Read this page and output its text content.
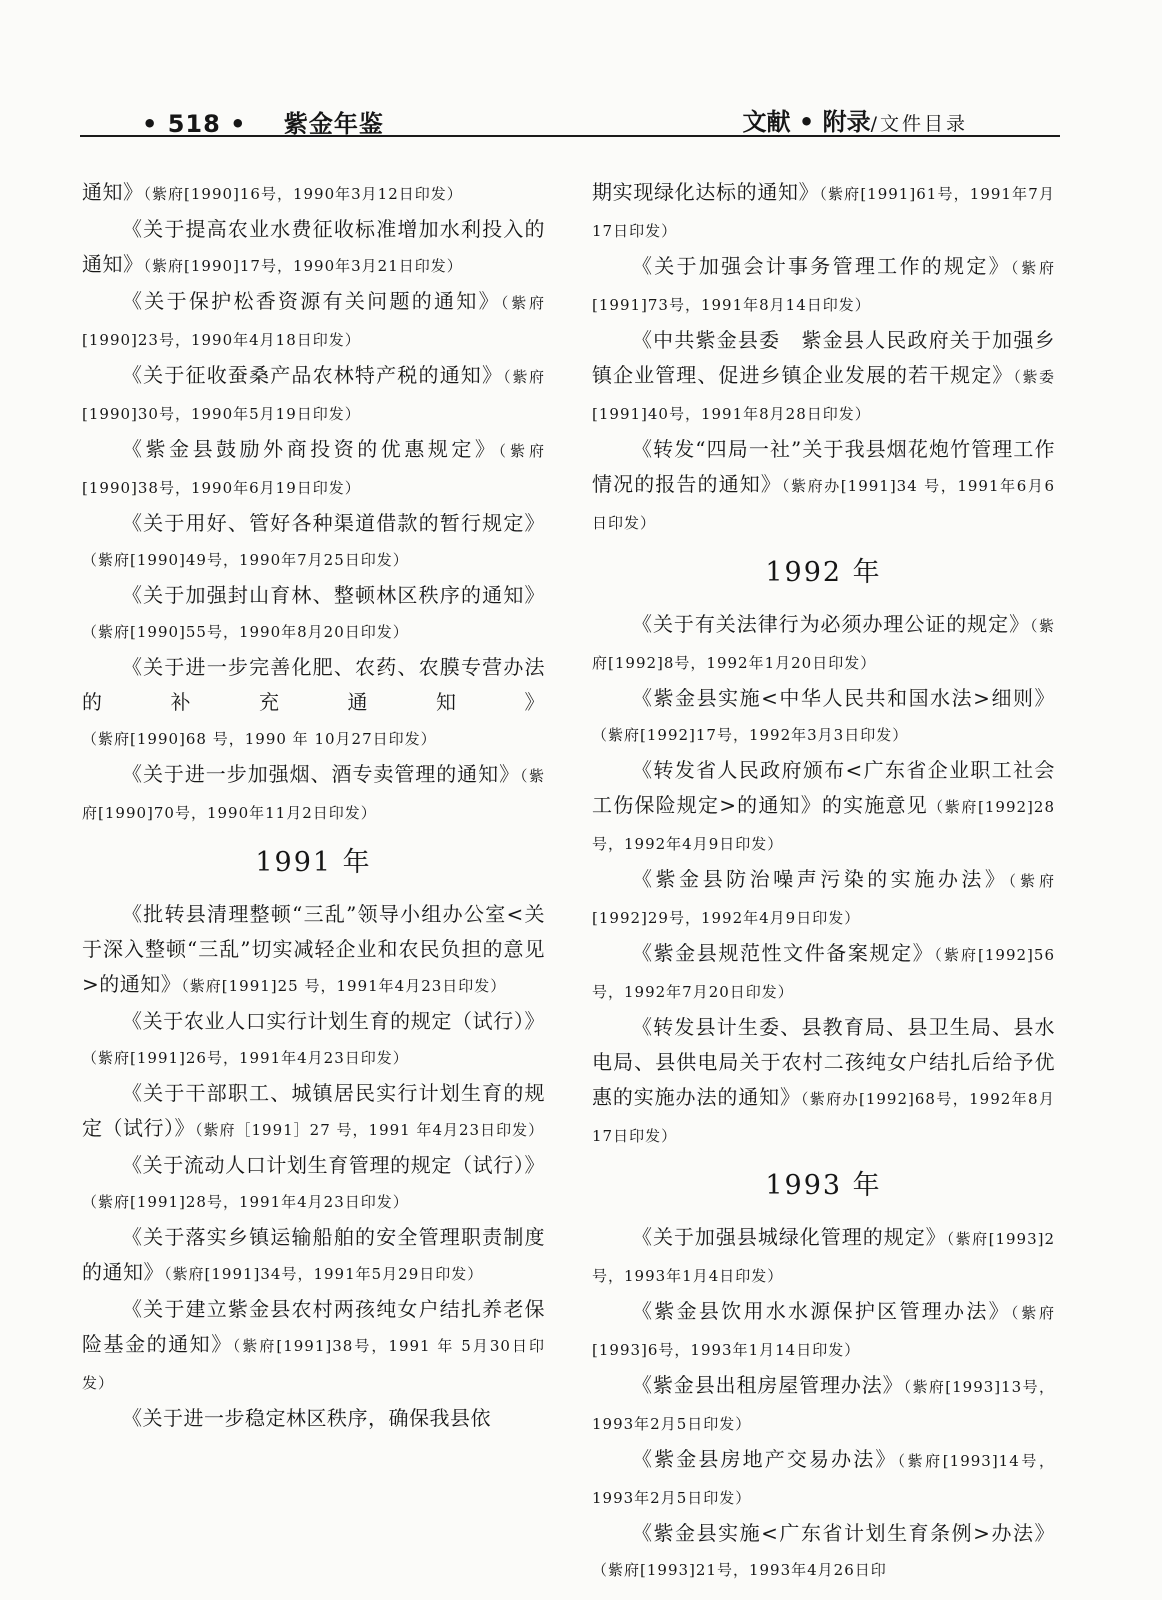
• 518 • 紫金年鉴	文献 • 附录/文件目录

通知》（紫府[1990]16号，1990年3月12日印发）

《关于提高农业水费征收标准增加水利投入的通知》（紫府[1990]17号，1990年3月21日印发）

《关于保护松香资源有关问题的通知》（紫府[1990]23号，1990年4月18日印发）

《关于征收蚕桑产品农林特产税的通知》（紫府[1990]30号，1990年5月19日印发）

《紫金县鼓励外商投资的优惠规定》（紫府[1990]38号，1990年6月19日印发）

《关于用好、管好各种渠道借款的暂行规定》（紫府[1990]49号，1990年7月25日印发）

《关于加强封山育林、整顿林区秩序的通知》（紫府[1990]55号，1990年8月20日印发）

《关于进一步完善化肥、农药、农膜专营办法的补充通知》（紫府[1990]68 号，1990 年 10月27日印发）

《关于进一步加强烟、酒专卖管理的通知》（紫府[1990]70号，1990年11月2日印发）

1991 年

《批转县清理整顿“三乱”领导小组办公室<关于深入整顿“三乱”切实减轻企业和农民负担的意见>的通知》（紫府[1991]25 号，1991年4月23日印发）

《关于农业人口实行计划生育的规定（试行）》（紫府[1991]26号，1991年4月23日印发）

《关于干部职工、城镇居民实行计划生育的规定（试行）》（紫府［1991］27 号，1991 年4月23日印发）

《关于流动人口计划生育管理的规定（试行）》（紫府[1991]28号，1991年4月23日印发）

《关于落实乡镇运输船舶的安全管理职责制度的通知》（紫府[1991]34号，1991年5月29日印发）

《关于建立紫金县农村两孩纯女户结扎养老保险基金的通知》（紫府[1991]38号，1991 年 5月30日印发）

《关于进一步稳定林区秩序，确保我县依

期实现绿化达标的通知》（紫府[1991]61号，1991年7月17日印发）

《关于加强会计事务管理工作的规定》（紫府[1991]73号，1991年8月14日印发）

《中共紫金县委　紫金县人民政府关于加强乡镇企业管理、促进乡镇企业发展的若干规定》（紫委[1991]40号，1991年8月28日印发）

《转发“四局一社”关于我县烟花炮竹管理工作情况的报告的通知》（紫府办[1991]34 号，1991年6月6日印发）

1992 年

《关于有关法律行为必须办理公证的规定》（紫府[1992]8号，1992年1月20日印发）

《紫金县实施<中华人民共和国水法>细则》（紫府[1992]17号，1992年3月3日印发）

《转发省人民政府颁布<广东省企业职工社会工伤保险规定>的通知》的实施意见（紫府[1992]28号，1992年4月9日印发）

《紫金县防治噪声污染的实施办法》（紫府[1992]29号，1992年4月9日印发）

《紫金县规范性文件备案规定》（紫府[1992]56号，1992年7月20日印发）

《转发县计生委、县教育局、县卫生局、县水电局、县供电局关于农村二孩纯女户结扎后给予优惠的实施办法的通知》（紫府办[1992]68号，1992年8月17日印发）

1993 年

《关于加强县城绿化管理的规定》（紫府[1993]2号，1993年1月4日印发）

《紫金县饮用水水源保护区管理办法》（紫府[1993]6号，1993年1月14日印发）

《紫金县出租房屋管理办法》（紫府[1993]13号，1993年2月5日印发）

《紫金县房地产交易办法》（紫府[1993]14号，1993年2月5日印发）

《紫金县实施<广东省计划生育条例>办法》（紫府[1993]21号，1993年4月26日印
